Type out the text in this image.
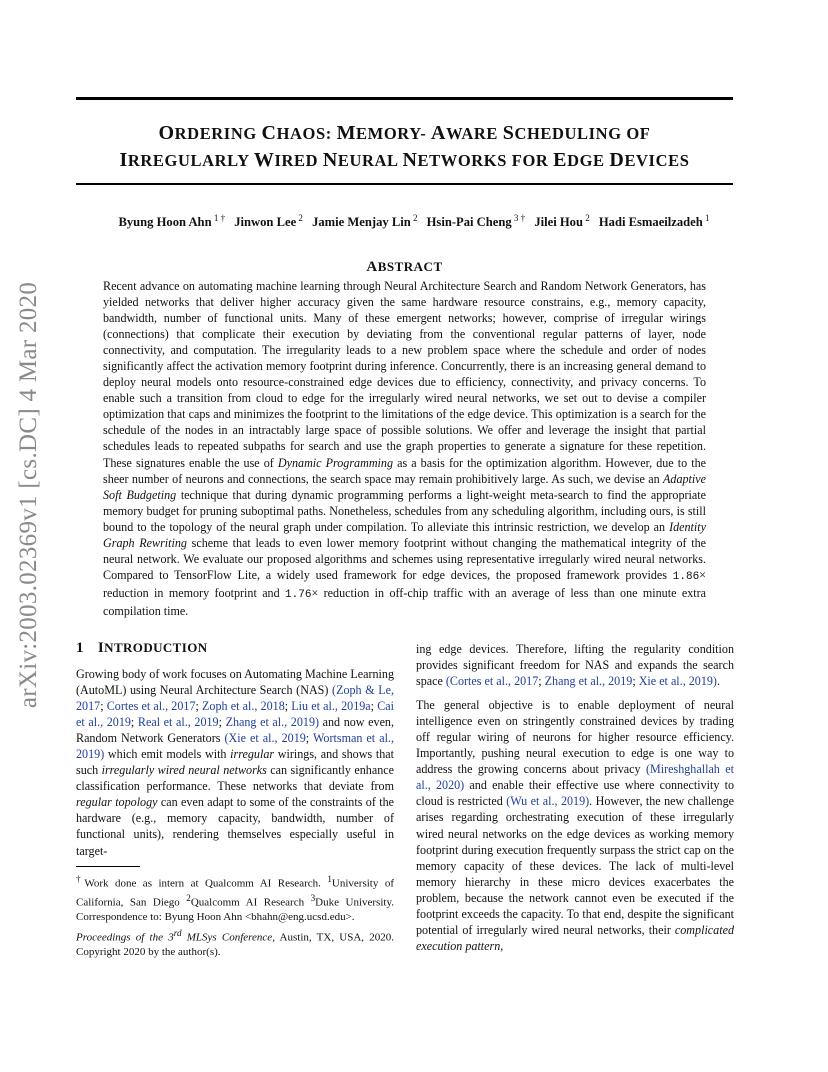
ORDERING CHAOS: MEMORY- AWARE SCHEDULING OF
IRREGULARLY WIRED NEURAL NETWORKS FOR EDGE DEVICES
Byung Hoon Ahn $^{1 \dagger}$ Jinwon Lee $^2$ Jamie Menjay Lin $^2$ Hsin-Pai Cheng $^{3 \dagger}$ Jilei Hou $^2$ Hadi Esmaeilzadeh $^1$
ABSTRACT
Recent advance on automating machine learning through Neural Architecture Search and Random Network Generators, has yielded networks that deliver higher accuracy given the same hardware resource constrains, e.g., memory capacity, bandwidth, number of functional units. Many of these emergent networks; however, comprise of irregular wirings (connections) that complicate their execution by deviating from the conventional regular patterns of layer, node connectivity, and computation. The irregularity leads to a new problem space where the schedule and order of nodes significantly affect the activation memory footprint during inference. Concurrently, there is an increasing general demand to deploy neural models onto resource-constrained edge devices due to efficiency, connectivity, and privacy concerns. To enable such a transition from cloud to edge for the irregularly wired neural networks, we set out to devise a compiler optimization that caps and minimizes the footprint to the limitations of the edge device. This optimization is a search for the schedule of the nodes in an intractably large space of possible solutions. We offer and leverage the insight that partial schedules leads to repeated subpaths for search and use the graph properties to generate a signature for these repetition. These signatures enable the use of Dynamic Programming as a basis for the optimization algorithm. However, due to the sheer number of neurons and connections, the search space may remain prohibitively large. As such, we devise an Adaptive Soft Budgeting technique that during dynamic programming performs a light-weight meta-search to find the appropriate memory budget for pruning suboptimal paths. Nonetheless, schedules from any scheduling algorithm, including ours, is still bound to the topology of the neural graph under compilation. To alleviate this intrinsic restriction, we develop an Identity Graph Rewriting scheme that leads to even lower memory footprint without changing the mathematical integrity of the neural network. We evaluate our proposed algorithms and schemes using representative irregularly wired neural networks. Compared to TensorFlow Lite, a widely used framework for edge devices, the proposed framework provides 1.86× reduction in memory footprint and 1.76× reduction in off-chip traffic with an average of less than one minute extra compilation time.
arXiv:2003.02369v1 [cs.DC] 4 Mar 2020 1 INTRODUCTION

Growing body of work focuses on Automating Machine Learning (AutoML) using Neural Architecture Search (NAS) (Zoph & Le, 2017; Cortes et al., 2017; Zoph et al., 2018; Liu et al., 2019a; Cai et al., 2019; Real et al., 2019; Zhang et al., 2019) and now even, Random Network Generators (Xie et al., 2019; Wortsman et al., 2019) which emit models with irregular wirings, and shows that such irregularly wired neural networks can significantly enhance classification performance. These networks that deviate from regular topology can even adapt to some of the constraints of the hardware (e.g., memory capacity, bandwidth, number of functional units), rendering themselves especially useful in target-

†Work done as intern at Qualcomm AI Research. $^1$University of California, San Diego $^2$Qualcomm AI Research $^3$Duke University. Correspondence to: Byung Hoon Ahn <bhahn@eng.ucsd.edu>.
Proceedings of the 3rd MLSys Conference, Austin, TX, USA, 2020. Copyright 2020 by the author(s).

ing edge devices. Therefore, lifting the regularity condition provides significant freedom for NAS and expands the search space (Cortes et al., 2017; Zhang et al., 2019; Xie et al., 2019).

The general objective is to enable deployment of neural intelligence even on stringently constrained devices by trading off regular wiring of neurons for higher resource efficiency. Importantly, pushing neural execution to edge is one way to address the growing concerns about privacy (Mireshghallah et al., 2020) and enable their effective use where connectivity to cloud is restricted (Wu et al., 2019). However, the new challenge arises regarding orchestrating execution of these irregularly wired neural networks on the edge devices as working memory footprint during execution frequently surpass the strict cap on the memory capacity of these devices. The lack of multi-level memory hierarchy in these micro devices exacerbates the problem, because the network cannot even be executed if the footprint exceeds the capacity. To that end, despite the significant potential of irregularly wired neural networks, their complicated execution pattern,
